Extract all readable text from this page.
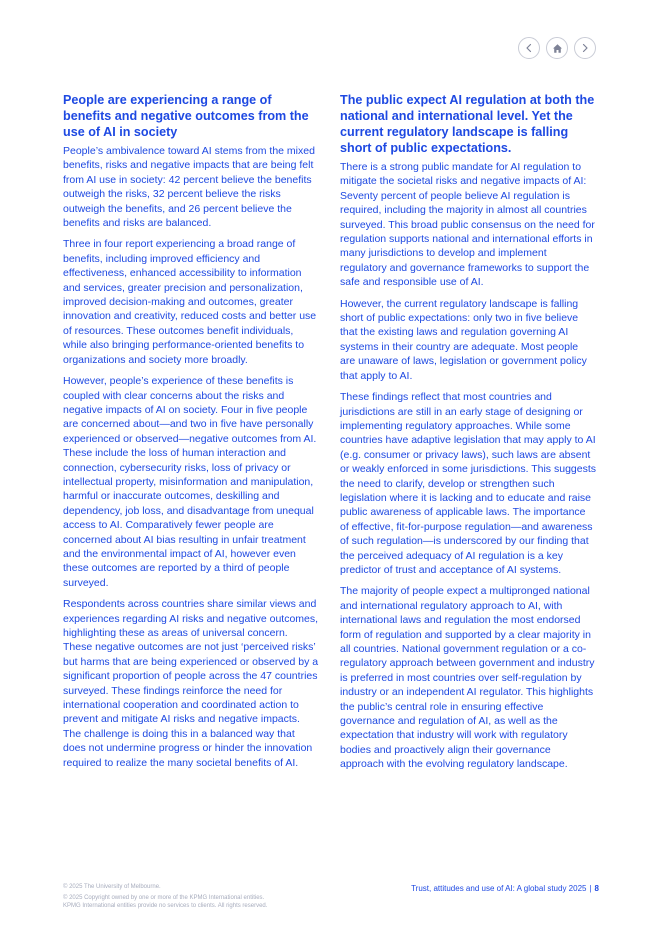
People are experiencing a range of benefits and negative outcomes from the use of AI in society

People’s ambivalence toward AI stems from the mixed benefits, risks and negative impacts that are being felt from AI use in society: 42 percent believe the benefits outweigh the risks, 32 percent believe the risks outweigh the benefits, and 26 percent believe the benefits and risks are balanced.

Three in four report experiencing a broad range of benefits, including improved efficiency and effectiveness, enhanced accessibility to information and services, greater precision and personalization, improved decision-making and outcomes, greater innovation and creativity, reduced costs and better use of resources. These outcomes benefit individuals, while also bringing performance-oriented benefits to organizations and society more broadly.

However, people’s experience of these benefits is coupled with clear concerns about the risks and negative impacts of AI on society. Four in five people are concerned about—and two in five have personally experienced or observed—negative outcomes from AI. These include the loss of human interaction and connection, cybersecurity risks, loss of privacy or intellectual property, misinformation and manipulation, harmful or inaccurate outcomes, deskilling and dependency, job loss, and disadvantage from unequal access to AI. Comparatively fewer people are concerned about AI bias resulting in unfair treatment and the environmental impact of AI, however even these outcomes are reported by a third of people surveyed.

Respondents across countries share similar views and experiences regarding AI risks and negative outcomes, highlighting these as areas of universal concern. These negative outcomes are not just ‘perceived risks’ but harms that are being experienced or observed by a significant proportion of people across the 47 countries surveyed. These findings reinforce the need for international cooperation and coordinated action to prevent and mitigate AI risks and negative impacts. The challenge is doing this in a balanced way that does not undermine progress or hinder the innovation required to realize the many societal benefits of AI.

The public expect AI regulation at both the national and international level. Yet the current regulatory landscape is falling short of public expectations.

There is a strong public mandate for AI regulation to mitigate the societal risks and negative impacts of AI: Seventy percent of people believe AI regulation is required, including the majority in almost all countries surveyed. This broad public consensus on the need for regulation supports national and international efforts in many jurisdictions to develop and implement regulatory and governance frameworks to support the safe and responsible use of AI.

However, the current regulatory landscape is falling short of public expectations: only two in five believe that the existing laws and regulation governing AI systems in their country are adequate. Most people are unaware of laws, legislation or government policy that apply to AI.

These findings reflect that most countries and jurisdictions are still in an early stage of designing or implementing regulatory approaches. While some countries have adaptive legislation that may apply to AI (e.g. consumer or privacy laws), such laws are absent or weakly enforced in some jurisdictions. This suggests the need to clarify, develop or strengthen such legislation where it is lacking and to educate and raise public awareness of applicable laws. The importance of effective, fit-for-purpose regulation—and awareness of such regulation—is underscored by our finding that the perceived adequacy of AI regulation is a key predictor of trust and acceptance of AI systems.

The majority of people expect a multipronged national and international regulatory approach to AI, with international laws and regulation the most endorsed form of regulation and supported by a clear majority in all countries. National government regulation or a co-regulatory approach between government and industry is preferred in most countries over self-regulation by industry or an independent AI regulator. This highlights the public’s central role in ensuring effective governance and regulation of AI, as well as the expectation that industry will work with regulatory bodies and proactively align their governance approach with the evolving regulatory landscape.

© 2025 The University of Melbourne.
© 2025 Copyright owned by one or more of the KPMG International entities.
KPMG International entities provide no services to clients. All rights reserved.
Trust, attitudes and use of AI: A global study 2025 | 8
